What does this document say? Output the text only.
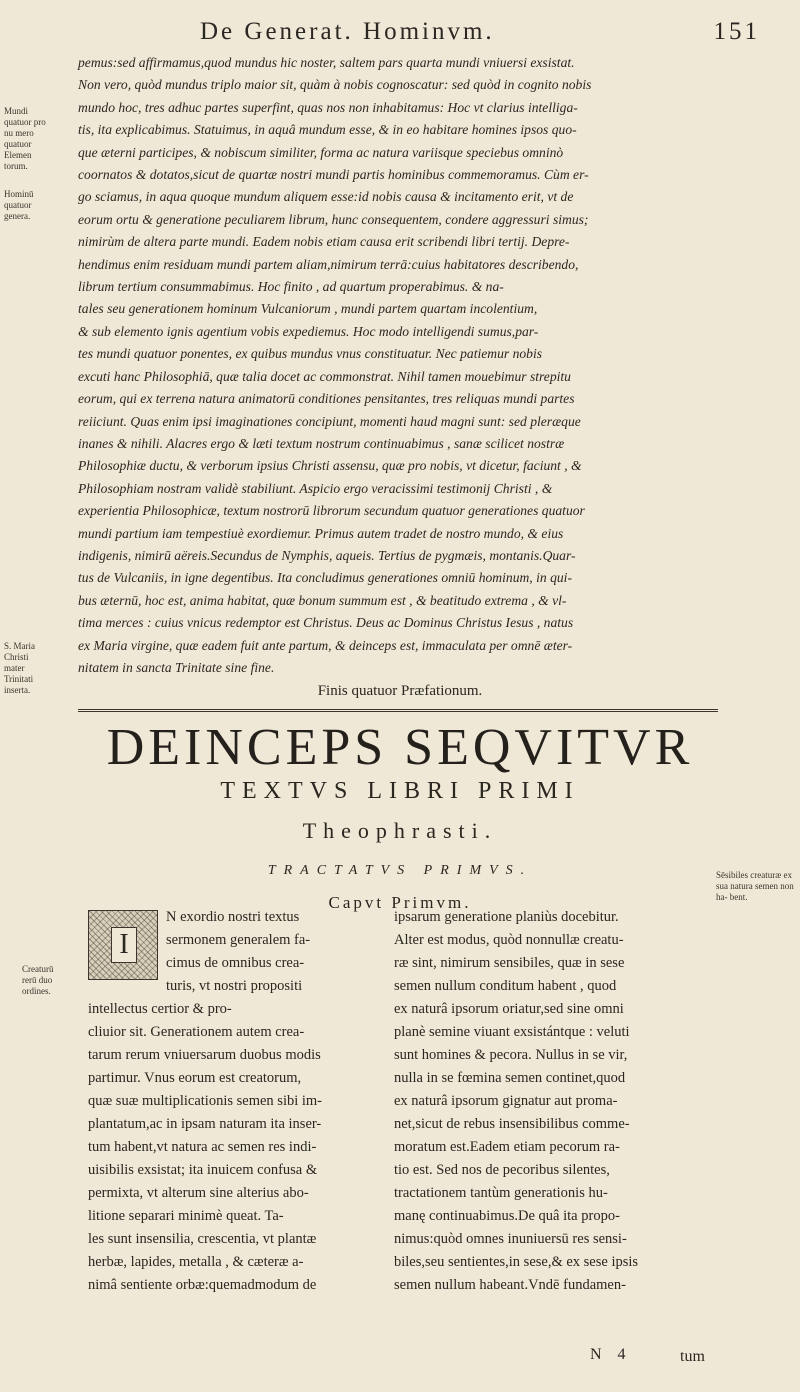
De Generat. Hominvm.	151

pemus:sed affirmamus,quod mundus hic noster, saltem pars quarta mundi vniuersi exsistat.

Non vero, quòd mundus triplo maior sit, quàm à nobis cognoscatur: sed quòd in cognito nobis

mundo hoc, tres adhuc partes superfint, quas nos non inhabitamus: Hoc vt clarius intelliga-

tis, ita explicabimus. Statuimus, in aquâ mundum esse, & in eo habitare homines ipsos quo-

que æterni participes, & nobiscum similiter, forma ac natura variisque speciebus omninò

coornatos & dotatos,sicut de quartæ nostri mundi partis hominibus commemoramus. Cùm er-

go sciamus, in aqua quoque mundum aliquem esse:id nobis causa & incitamento erit, vt de

eorum ortu & generatione peculiarem librum, hunc consequentem, condere aggressuri simus;

nimirùm de altera parte mundi. Eadem nobis etiam causa erit scribendi libri tertij. Depre-

hendimus enim residuam mundi partem aliam,nimirum terrā:cuius habitatores describendo,

librum tertium consummabimus. Hoc finito , ad quartum properabimus. & na-

tales seu generationem hominum Vulcaniorum , mundi partem quartam incolentium,

& sub elemento ignis agentium vobis expediemus. Hoc modo intelligendi sumus,par-

tes mundi quatuor ponentes, ex quibus mundus vnus constituatur. Nec patiemur nobis

excuti hanc Philosophiā, quæ talia docet ac commonstrat. Nihil tamen mouebimur strepitu

eorum, qui ex terrena natura animatorū conditiones pensitantes, tres reliquas mundi partes

reiiciunt. Quas enim ipsi imaginationes concipiunt, momenti haud magni sunt: sed pleræque

inanes & nihili. Alacres ergo & læti textum nostrum continuabimus , sanæ scilicet nostræ

Philosophiæ ductu, & verborum ipsius Christi assensu, quæ pro nobis, vt dicetur, faciunt , &

Philosophiam nostram validè stabiliunt. Aspicio ergo veracissimi testimonij Christi , &

experientia Philosophicæ, textum nostrorū librorum secundum quatuor generationes quatuor

mundi partium iam tempestiuè exordiemur. Primus autem tradet de nostro mundo, & eius

indigenis, nimirū aëreis.Secundus de Nymphis, aqueis. Tertius de pygmæis, montanis.Quar-

tus de Vulcaniis, in igne degentibus. Ita concludimus generationes omniū hominum, in qui-

bus æternū, hoc est, anima habitat, quæ bonum summum est , & beatitudo extrema , & vl-

tima merces : cuius vnicus redemptor est Christus. Deus ac Dominus Christus Iesus , natus

ex Maria virgine, quæ eadem fuit ante partum, & deinceps est, immaculata per omnē æter-

nitatem in sancta Trinitate sine fine.

Mundi quatuor pro nu mero quatuor Elemen torum.
Hominū quatuor genera.
S. Maria Christi mater Trinitati inserta.	Finis quatuor Præfationum.
DEINCEPS SEQVITVR
TEXTVS LIBRI PRIMI
Theophrasti.
TRACTATVS PRIMVS.
Capvt Primvm.
Sēsibiles creaturæ ex sua natura semen non ha- bent.
Creaturū rerū duo ordines.
I

N exordio nostri textus

sermonem generalem fa-

cimus de omnibus crea-

turis, vt nostri propositi

intellectus certior & pro-

cliuior sit. Generationem autem crea-

tarum rerum vniuersarum duobus modis

partimur. Vnus eorum est creatorum,

quæ suæ multiplicationis semen sibi im-

plantatum,ac in ipsam naturam ita inser-

tum habent,vt natura ac semen res indi-

uisibilis exsistat; ita inuicem confusa &

permixta, vt alterum sine alterius abo-

litione separari minimè queat. Ta-

les sunt insensilia, crescentia, vt plantæ

herbæ, lapides, metalla , & cæteræ a-

nimâ sentiente orbæ:quemadmodum de

ipsarum generatione planiùs docebitur.

Alter est modus, quòd nonnullæ creatu-

ræ sint, nimirum sensibiles, quæ in sese

semen nullum conditum habent , quod

ex naturâ ipsorum oriatur,sed sine omni

planè semine viuant exsistántque : veluti

sunt homines & pecora. Nullus in se vir,

nulla in se fœmina semen continet,quod

ex naturâ ipsorum gignatur aut proma-

net,sicut de rebus insensibilibus comme-

moratum est.Eadem etiam pecorum ra-

tio est. Sed nos de pecoribus silentes,

tractationem tantùm generationis hu-

manę continuabimus.De quâ ita propo-

nimus:quòd omnes inuniuersū res sensi-

biles,seu sentientes,in sese,& ex sese ipsis

semen nullum habeant.Vndē fundamen-

N 4	tum
